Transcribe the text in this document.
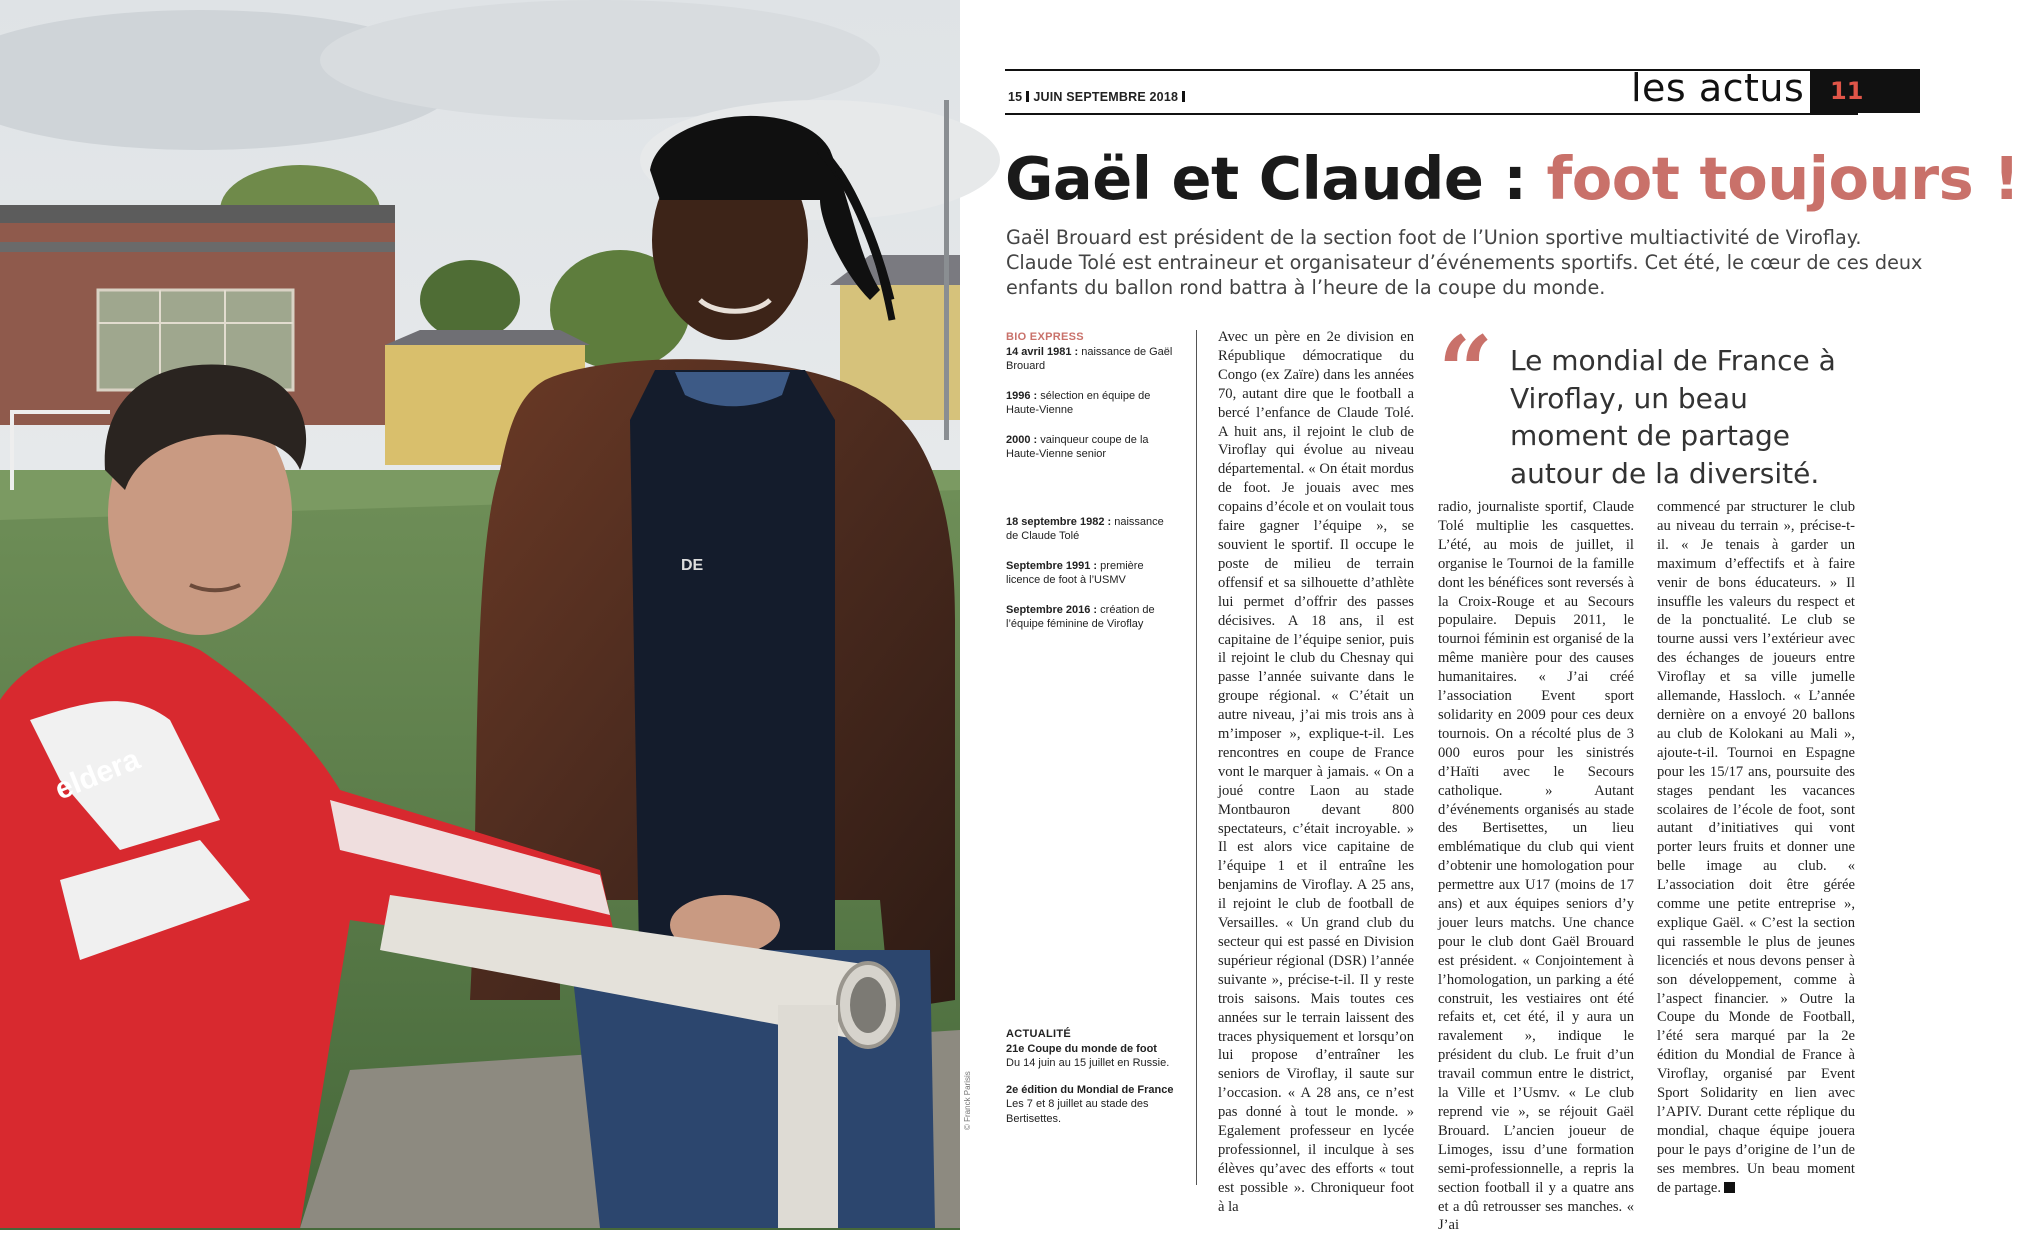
DE
eldera
© Franck Parisis
15 JUIN SEPTEMBRE 2018	les actus	11
Gaël et Claude : foot toujours !

Gaël Brouard est président de la section foot de l’Union sportive multiactivité de Viroflay.

Claude Tolé est entraineur et organisateur d’événements sportifs. Cet été, le cœur de ces deux

enfants du ballon rond battra à l’heure de la coupe du monde.

BIO EXPRESS
14 avril 1981 : naissance de Gaël Brouard
1996 : sélection en équipe de Haute-Vienne
2000 : vainqueur coupe de la Haute-Vienne senior
18 septembre 1982 : naissance de Claude Tolé
Septembre 1991 : première licence de foot à l’USMV
Septembre 2016 : création de l’équipe féminine de Viroflay
ACTUALITÉ
21e Coupe du monde de foot
Du 14 juin au 15 juillet en Russie.
2e édition du Mondial de France
Les 7 et 8 juillet au stade des Bertisettes.

Avec un père en 2e division en République démocratique du Congo (ex Zaïre) dans les années 70, autant dire que le football a bercé l’enfance de Claude Tolé. A huit ans, il rejoint le club de Viroflay qui évolue au niveau départemental. « On était mordus de foot. Je jouais avec mes copains d’école et on voulait tous faire gagner l’équipe », se souvient le sportif. Il occupe le poste de milieu de terrain offensif et sa silhouette d’athlète lui permet d’offrir des passes décisives. A 18 ans, il est capitaine de l’équipe senior, puis il rejoint le club du Chesnay qui passe l’année suivante dans le groupe régional. « C’était un autre niveau, j’ai mis trois ans à m’imposer », explique-t-il. Les rencontres en coupe de France vont le marquer à jamais. « On a joué contre Laon au stade Montbauron devant 800 spectateurs, c’était incroyable. » Il est alors vice capitaine de l’équipe 1 et il entraîne les benjamins de Viroflay. A 25 ans, il rejoint le club de football de Versailles. « Un grand club du secteur qui est passé en Division supérieur régional (DSR) l’année suivante », précise-t-il. Il y reste trois saisons. Mais toutes ces années sur le terrain laissent des traces physiquement et lorsqu’on lui propose d’entraîner les seniors de Viroflay, il saute sur l’occasion. « A 28 ans, ce n’est pas donné à tout le monde. » Egalement professeur en lycée professionnel, il inculque à ses élèves qu’avec des efforts « tout est possible ». Chroniqueur foot à la

“ Le mondial de France à Viroflay, un beau moment de partage autour de la diversité.

radio, journaliste sportif, Claude Tolé multiplie les casquettes. L’été, au mois de juillet, il organise le Tournoi de la famille dont les bénéfices sont reversés à la Croix-Rouge et au Secours populaire. Depuis 2011, le tournoi féminin est organisé de la même manière pour des causes humanitaires. « J’ai créé l’association Event sport solidarity en 2009 pour ces deux tournois. On a récolté plus de 3 000 euros pour les sinistrés d’Haïti avec le Secours catholique. » Autant d’événements organisés au stade des Bertisettes, un lieu emblématique du club qui vient d’obtenir une homologation pour permettre aux U17 (moins de 17 ans) et aux équipes seniors d’y jouer leurs matchs. Une chance pour le club dont Gaël Brouard est président. « Conjointement à l’homologation, un parking a été construit, les vestiaires ont été refaits et, cet été, il y aura un ravalement », indique le président du club. Le fruit d’un travail commun entre le district, la Ville et l’Usmv. « Le club reprend vie », se réjouit Gaël Brouard. L’ancien joueur de Limoges, issu d’une formation semi-professionnelle, a repris la section football il y a quatre ans et a dû retrousser ses manches. « J’ai

commencé par structurer le club au niveau du terrain », précise-t-il. « Je tenais à garder un maximum d’effectifs et à faire venir de bons éducateurs. » Il insuffle les valeurs du respect et de la ponctualité. Le club se tourne aussi vers l’extérieur avec des échanges de joueurs entre Viroflay et sa ville jumelle allemande, Hassloch. « L’année dernière on a envoyé 20 ballons au club de Kolokani au Mali », ajoute-t-il. Tournoi en Espagne pour les 15/17 ans, poursuite des stages pendant les vacances scolaires de l’école de foot, sont autant d’initiatives qui vont porter leurs fruits et donner une belle image au club. « L’association doit être gérée comme une petite entreprise », explique Gaël. « C’est la section qui rassemble le plus de jeunes licenciés et nous devons penser à son développement, comme à l’aspect financier. » Outre la Coupe du Monde de Football, l’été sera marqué par la 2e édition du Mondial de France à Viroflay, organisé par Event Sport Solidarity en lien avec l’APIV. Durant cette réplique du mondial, chaque équipe jouera pour le pays d’origine de l’un de ses membres. Un beau moment de partage.
